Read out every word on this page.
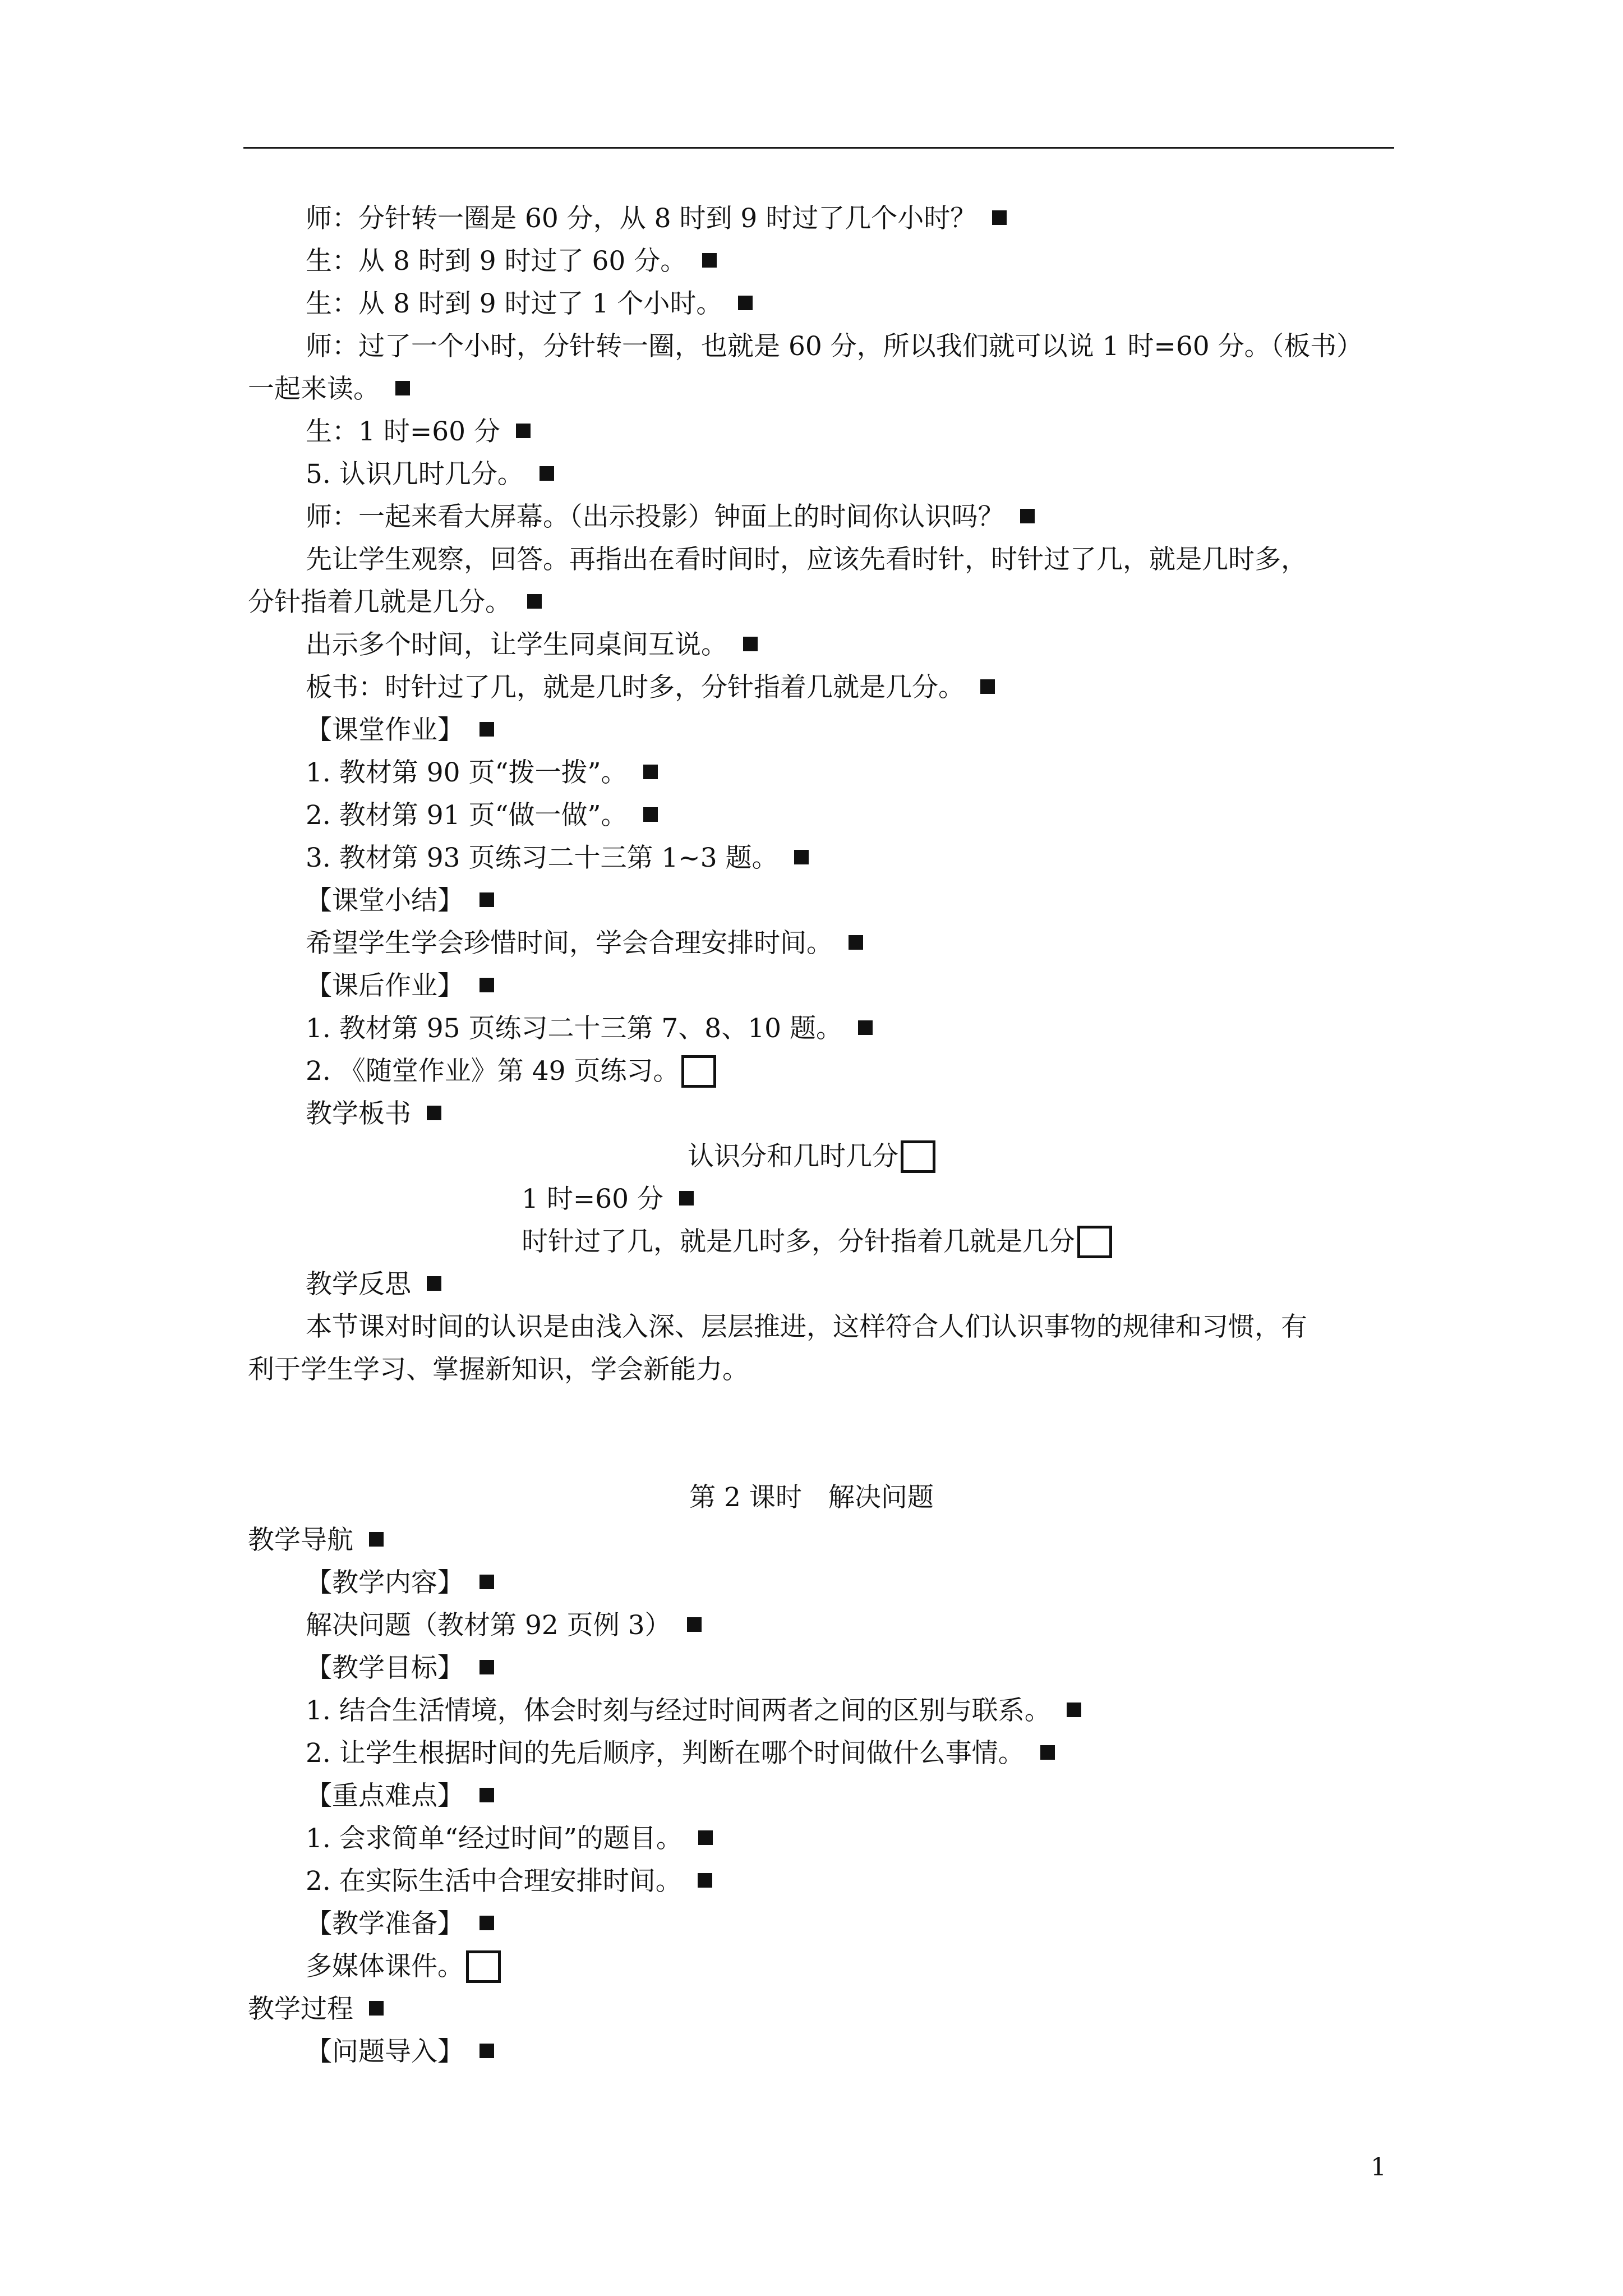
师：分针转一圈是 60 分，从 8 时到 9 时过了几个小时？
生：从 8 时到 9 时过了 60 分。
生：从 8 时到 9 时过了 1 个小时。
师：过了一个小时，分针转一圈，也就是 60 分，所以我们就可以说 1 时=60 分。（板书）
一起来读。
生：1 时=60 分
5. 认识几时几分。
师：一起来看大屏幕。（出示投影）钟面上的时间你认识吗？
先让学生观察，回答。再指出在看时间时，应该先看时针，时针过了几，就是几时多，
分针指着几就是几分。
出示多个时间，让学生同桌间互说。
板书：时针过了几，就是几时多，分针指着几就是几分。
【课堂作业】
1. 教材第 90 页“拨一拨”。
2. 教材第 91 页“做一做”。
3. 教材第 93 页练习二十三第 1~3 题。
【课堂小结】
希望学生学会珍惜时间，学会合理安排时间。
【课后作业】
1. 教材第 95 页练习二十三第 7、8、10 题。
2. 《随堂作业》第 49 页练习。
教学板书
认识分和几时几分
1 时=60 分
时针过了几，就是几时多，分针指着几就是几分
教学反思
本节课对时间的认识是由浅入深、层层推进，这样符合人们认识事物的规律和习惯，有
利于学生学习、掌握新知识，学会新能力。
第 2 课时　解决问题
教学导航
【教学内容】
解决问题（教材第 92 页例 3）
【教学目标】
1. 结合生活情境，体会时刻与经过时间两者之间的区别与联系。
2. 让学生根据时间的先后顺序，判断在哪个时间做什么事情。
【重点难点】
1. 会求简单“经过时间”的题目。
2. 在实际生活中合理安排时间。
【教学准备】
多媒体课件。
教学过程
【问题导入】
1
